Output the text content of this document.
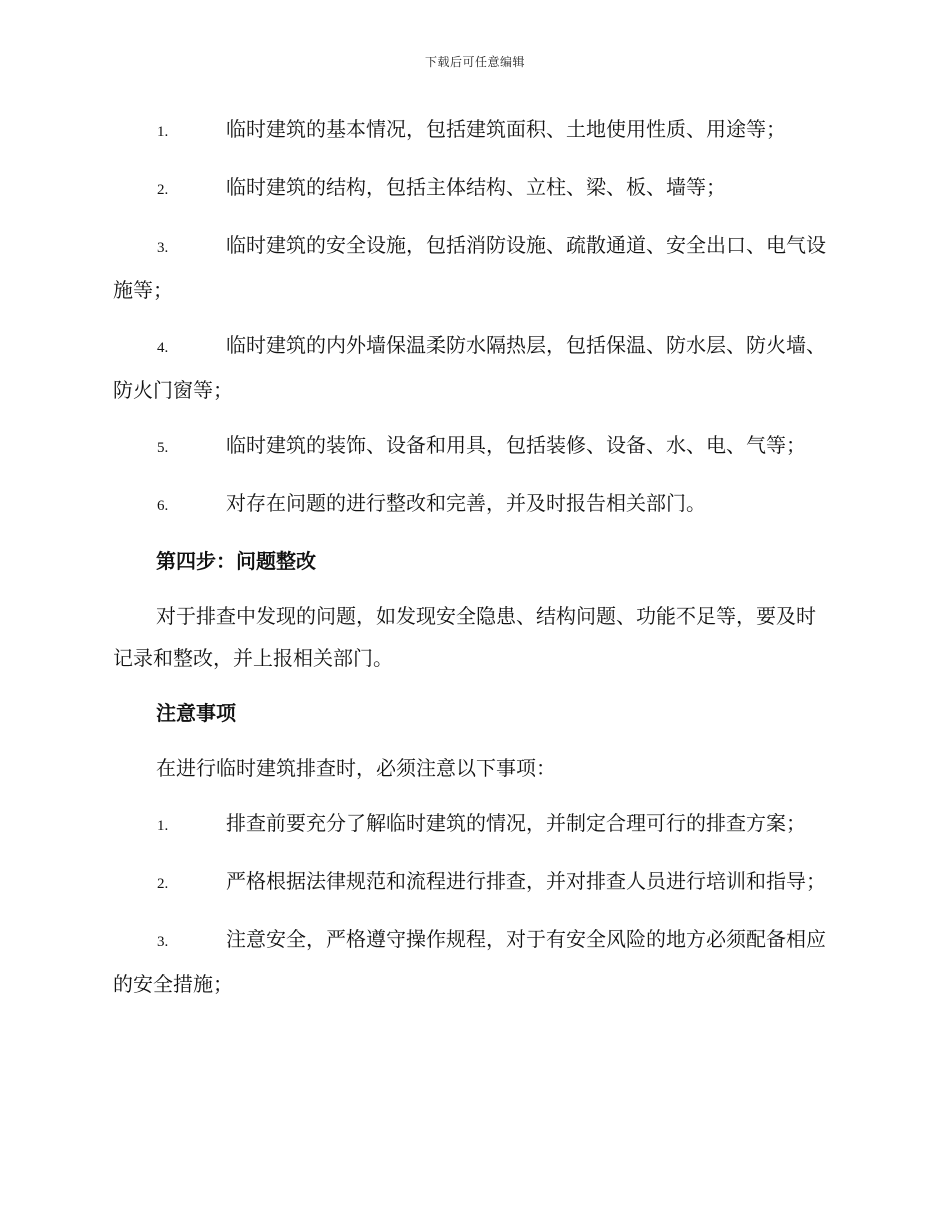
下载后可任意编辑
1.	临时建筑的基本情况，包括建筑面积、土地使用性质、用途等；
2.	临时建筑的结构，包括主体结构、立柱、梁、板、墙等；
3.	临时建筑的安全设施，包括消防设施、疏散通道、安全出口、电气设施等；
4.	临时建筑的内外墙保温柔防水隔热层，包括保温、防水层、防火墙、防火门窗等；
5.	临时建筑的装饰、设备和用具，包括装修、设备、水、电、气等；
6.	对存在问题的进行整改和完善，并及时报告相关部门。
第四步：问题整改
对于排查中发现的问题，如发现安全隐患、结构问题、功能不足等，要及时记录和整改，并上报相关部门。
注意事项
在进行临时建筑排查时，必须注意以下事项：
1.	排查前要充分了解临时建筑的情况，并制定合理可行的排查方案；
2.	严格根据法律规范和流程进行排查，并对排查人员进行培训和指导；
3.	注意安全，严格遵守操作规程，对于有安全风险的地方必须配备相应的安全措施；
